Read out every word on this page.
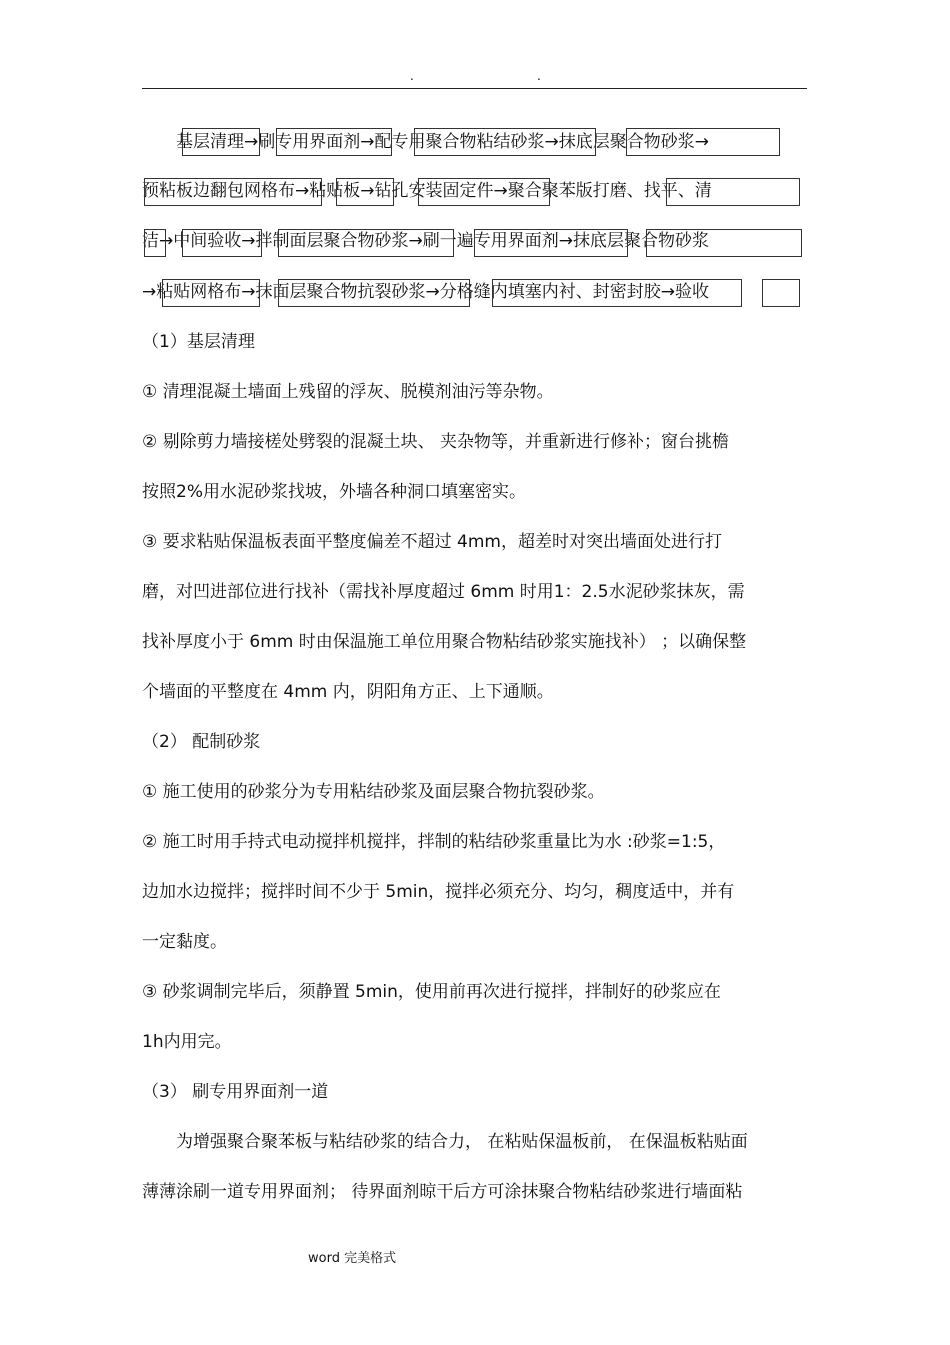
.	.
　　基层清理→刷专用界面剂→配专用聚合物粘结砂浆→抹底层聚合物砂浆→
预粘板边翻包网格布→粘贴板→钻孔安装固定件→聚合聚苯版打磨、找平、清
洁→中间验收→拌制面层聚合物砂浆→刷一遍专用界面剂→抹底层聚合物砂浆
→粘贴网格布→抹面层聚合物抗裂砂浆→分格缝内填塞内衬、封密封胶→验收
（1）基层清理
① 清理混凝土墙面上残留的浮灰、脱模剂油污等杂物。
② 剔除剪力墙接槎处劈裂的混凝土块、 夹杂物等，并重新进行修补；窗台挑檐
按照2%用水泥砂浆找坡，外墙各种洞口填塞密实。
③ 要求粘贴保温板表面平整度偏差不超过 4mm，超差时对突出墙面处进行打
磨，对凹进部位进行找补（需找补厚度超过 6mm 时用1：2.5水泥砂浆抹灰，需
找补厚度小于 6mm 时由保温施工单位用聚合物粘结砂浆实施找补） ；以确保整
个墙面的平整度在 4mm 内，阴阳角方正、上下通顺。
（2） 配制砂浆
① 施工使用的砂浆分为专用粘结砂浆及面层聚合物抗裂砂浆。
② 施工时用手持式电动搅拌机搅拌，拌制的粘结砂浆重量比为水 :砂浆=1:5，
边加水边搅拌；搅拌时间不少于 5min，搅拌必须充分、均匀，稠度适中，并有
一定黏度。
③ 砂浆调制完毕后，须静置 5min，使用前再次进行搅拌，拌制好的砂浆应在
1h内用完。
（3） 刷专用界面剂一道
　　为增强聚合聚苯板与粘结砂浆的结合力， 在粘贴保温板前， 在保温板粘贴面
薄薄涂刷一道专用界面剂； 待界面剂晾干后方可涂抹聚合物粘结砂浆进行墙面粘
word 完美格式
